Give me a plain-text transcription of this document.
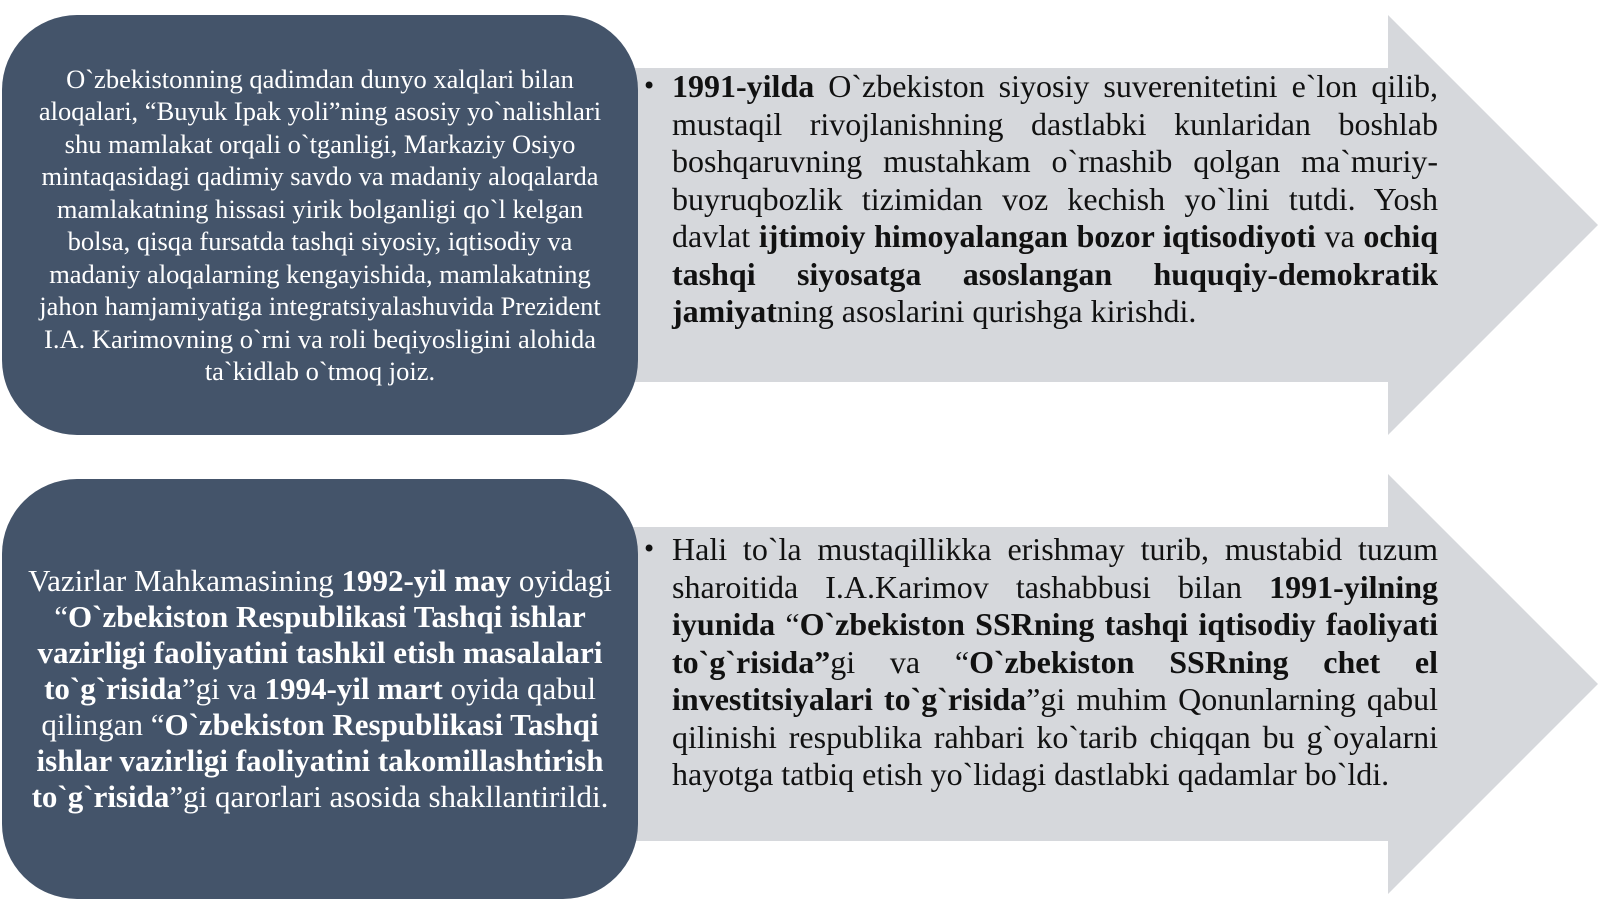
O`zbekistonning qadimdan dunyo xalqlari bilan aloqalari, “Buyuk Ipak yoli”ning asosiy yo`nalishlari shu mamlakat orqali o`tganligi, Markaziy Osiyo mintaqasidagi qadimiy savdo va madaniy aloqalarda mamlakatning hissasi yirik bolganligi qo`l kelgan bolsa, qisqa fursatda tashqi siyosiy, iqtisodiy va madaniy aloqalarning kengayishida, mamlakatning jahon hamjamiyatiga integratsiyalashuvida Prezident I.A. Karimovning o`rni va roli beqiyosligini alohida ta`kidlab o`tmoq joiz.
Vazirlar Mahkamasining 1992-yil may oyidagi “O`zbekiston Respublikasi Tashqi ishlar vazirligi faoliyatini tashkil etish masalalari to`g`risida”gi va 1994-yil mart oyida qabul qilingan “O`zbekiston Respublikasi Tashqi ishlar vazirligi faoliyatini takomillashtirish to`g`risida”gi qarorlari asosida shakllantirildi.
• 1991-yilda O`zbekiston siyosiy suverenitetini e`lon qilib, mustaqil rivojlanishning dastlabki kunlaridan boshlab boshqaruvning mustahkam o`rnashib qolgan ma`muriy-buyruqbozlik tizimidan voz kechish yo`lini tutdi. Yosh davlat ijtimoiy himoyalangan bozor iqtisodiyoti va ochiq tashqi siyosatga asoslangan huquqiy-demokratik jamiyatning asoslarini qurishga kirishdi.
• Hali to`la mustaqillikka erishmay turib, mustabid tuzum sharoitida I.A.Karimov tashabbusi bilan 1991-yilning iyunida “O`zbekiston SSRning tashqi iqtisodiy faoliyati to`g`risida”gi va “O`zbekiston SSRning chet el investitsiyalari to`g`risida”gi muhim Qonunlarning qabul qilinishi respublika rahbari ko`tarib chiqqan bu g`oyalarni hayotga tatbiq etish yo`lidagi dastlabki qadamlar bo`ldi.
